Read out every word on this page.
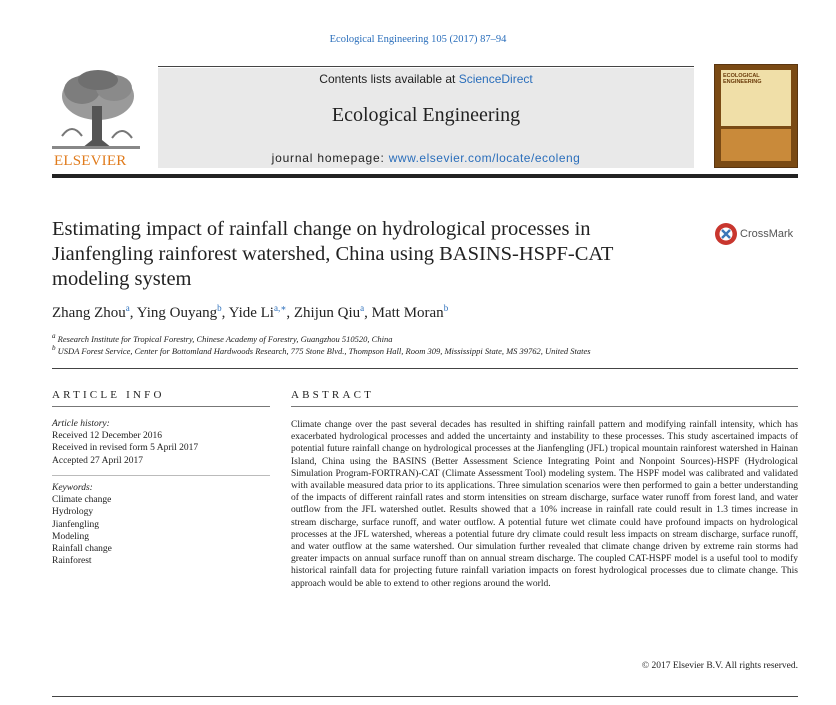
Ecological Engineering 105 (2017) 87–94
ELSEVIER
Contents lists available at ScienceDirect
Ecological Engineering
journal homepage: www.elsevier.com/locate/ecoleng
ECOLOGICAL ENGINEERING
Estimating impact of rainfall change on hydrological processes in Jianfengling rainforest watershed, China using BASINS-HSPF-CAT modeling system
CrossMark
Zhang Zhou$^a$, Ying Ouyang$^b$, Yide $Li^{a,∗}$, Zhijun Qiu$^a$, Matt Moran$^b$
$^a$ Research Institute for Tropical Forestry, Chinese Academy of Forestry, Guangzhou 510520, China
$^b$ USDA Forest Service, Center for Bottomland Hardwoods Research, 775 Stone Blvd., Thompson Hall, Room 309, Mississippi State, MS 39762, United States
ARTICLE INFO
Article history:
Received 12 December 2016
Received in revised form 5 April 2017
Accepted 27 April 2017
Keywords:
Climate change
Hydrology
Jianfengling
Modeling
Rainfall change
Rainforest
ABSTRACT
Climate change over the past several decades has resulted in shifting rainfall pattern and modifying rainfall intensity, which has exacerbated hydrological processes and added the uncertainty and instability to these processes. This study ascertained impacts of potential future rainfall change on hydrological processes at the Jianfengling (JFL) tropical mountain rainforest watershed in Hainan Island, China using the BASINS (Better Assessment Science Integrating Point and Nonpoint Sources)-HSPF (Hydrological Simulation Program-FORTRAN)-CAT (Climate Assessment Tool) modeling system. The HSPF model was calibrated and validated with available measured data prior to its applications. Three simulation scenarios were then performed to gain a better understanding of the impacts of different rainfall rates and storm intensities on stream discharge, surface water runoff from forest land, and water outflow from the JFL watershed outlet. Results showed that a 10% increase in rainfall rate could result in 1.3 times increase in stream discharge, surface runoff, and water outflow. A potential future wet climate could have profound impacts on hydrological processes at the JFL watershed, whereas a potential future dry climate could result less impacts on stream discharge, surface runoff, and water outflow at the same watershed. Our simulation further revealed that climate change driven by extreme rain storms had greater impacts on annual surface runoff than on annual stream discharge. The coupled CAT-HSPF model is a useful tool to modify historical rainfall data for projecting future rainfall variation impacts on forest hydrological processes due to climate change. This approach would be able to extend to other regions around the world.
© 2017 Elsevier B.V. All rights reserved.
